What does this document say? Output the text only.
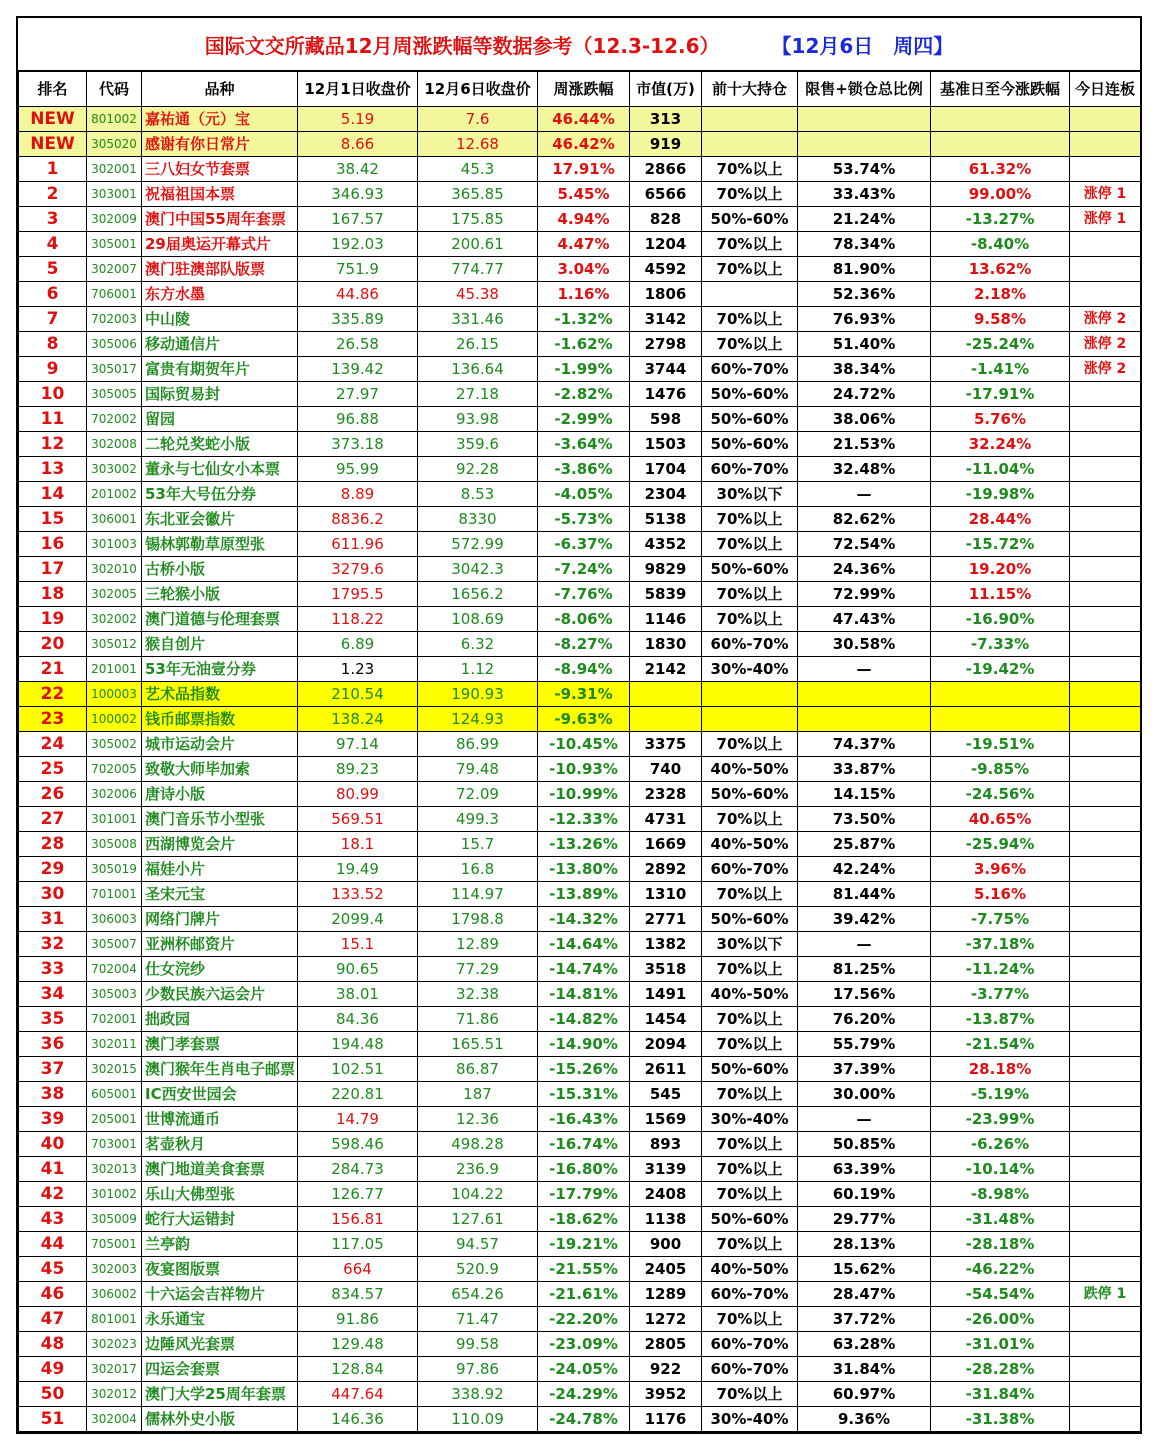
国际文交所藏品12月周涨跌幅等数据参考（12.3-12.6）	【12月6日　周四】
排名	代码	品种	12月1日收盘价	12月6日收盘价	周涨跌幅	市值(万)	前十大持仓	限售+锁仓总比例	基准日至今涨跌幅	今日连板
NEW	801002	嘉祐通（元）宝	5.19	7.6	46.44%	313				
NEW	305020	感谢有你日常片	8.66	12.68	46.42%	919				
1	302001	三八妇女节套票	38.42	45.3	17.91%	2866	70%以上	53.74%	61.32%	
2	303001	祝福祖国本票	346.93	365.85	5.45%	6566	70%以上	33.43%	99.00%	涨停 1
3	302009	澳门中国55周年套票	167.57	175.85	4.94%	828	50%-60%	21.24%	-13.27%	涨停 1
4	305001	29届奥运开幕式片	192.03	200.61	4.47%	1204	70%以上	78.34%	-8.40%	
5	302007	澳门驻澳部队版票	751.9	774.77	3.04%	4592	70%以上	81.90%	13.62%	
6	706001	东方水墨	44.86	45.38	1.16%	1806		52.36%	2.18%	
7	702003	中山陵	335.89	331.46	-1.32%	3142	70%以上	76.93%	9.58%	涨停 2
8	305006	移动通信片	26.58	26.15	-1.62%	2798	70%以上	51.40%	-25.24%	涨停 2
9	305017	富贵有期贺年片	139.42	136.64	-1.99%	3744	60%-70%	38.34%	-1.41%	涨停 2
10	305005	国际贸易封	27.97	27.18	-2.82%	1476	50%-60%	24.72%	-17.91%	
11	702002	留园	96.88	93.98	-2.99%	598	50%-60%	38.06%	5.76%	
12	302008	二轮兑奖蛇小版	373.18	359.6	-3.64%	1503	50%-60%	21.53%	32.24%	
13	303002	董永与七仙女小本票	95.99	92.28	-3.86%	1704	60%-70%	32.48%	-11.04%	
14	201002	53年大号伍分券	8.89	8.53	-4.05%	2304	30%以下	—	-19.98%	
15	306001	东北亚会徽片	8836.2	8330	-5.73%	5138	70%以上	82.62%	28.44%	
16	301003	锡林郭勒草原型张	611.96	572.99	-6.37%	4352	70%以上	72.54%	-15.72%	
17	302010	古桥小版	3279.6	3042.3	-7.24%	9829	50%-60%	24.36%	19.20%	
18	302005	三轮猴小版	1795.5	1656.2	-7.76%	5839	70%以上	72.99%	11.15%	
19	302002	澳门道德与伦理套票	118.22	108.69	-8.06%	1146	70%以上	47.43%	-16.90%	
20	305012	猴自创片	6.89	6.32	-8.27%	1830	60%-70%	30.58%	-7.33%	
21	201001	53年无油壹分券	1.23	1.12	-8.94%	2142	30%-40%	—	-19.42%	
22	100003	艺术品指数	210.54	190.93	-9.31%					
23	100002	钱币邮票指数	138.24	124.93	-9.63%					
24	305002	城市运动会片	97.14	86.99	-10.45%	3375	70%以上	74.37%	-19.51%	
25	702005	致敬大师毕加索	89.23	79.48	-10.93%	740	40%-50%	33.87%	-9.85%	
26	302006	唐诗小版	80.99	72.09	-10.99%	2328	50%-60%	14.15%	-24.56%	
27	301001	澳门音乐节小型张	569.51	499.3	-12.33%	4731	70%以上	73.50%	40.65%	
28	305008	西湖博览会片	18.1	15.7	-13.26%	1669	40%-50%	25.87%	-25.94%	
29	305019	福娃小片	19.49	16.8	-13.80%	2892	60%-70%	42.24%	3.96%	
30	701001	圣宋元宝	133.52	114.97	-13.89%	1310	70%以上	81.44%	5.16%	
31	306003	网络门牌片	2099.4	1798.8	-14.32%	2771	50%-60%	39.42%	-7.75%	
32	305007	亚洲杯邮资片	15.1	12.89	-14.64%	1382	30%以下	—	-37.18%	
33	702004	仕女浣纱	90.65	77.29	-14.74%	3518	70%以上	81.25%	-11.24%	
34	305003	少数民族六运会片	38.01	32.38	-14.81%	1491	40%-50%	17.56%	-3.77%	
35	702001	拙政园	84.36	71.86	-14.82%	1454	70%以上	76.20%	-13.87%	
36	302011	澳门孝套票	194.48	165.51	-14.90%	2094	70%以上	55.79%	-21.54%	
37	302015	澳门猴年生肖电子邮票	102.51	86.87	-15.26%	2611	50%-60%	37.39%	28.18%	
38	605001	IC西安世园会	220.81	187	-15.31%	545	70%以上	30.00%	-5.19%	
39	205001	世博流通币	14.79	12.36	-16.43%	1569	30%-40%	—	-23.99%	
40	703001	茗壶秋月	598.46	498.28	-16.74%	893	70%以上	50.85%	-6.26%	
41	302013	澳门地道美食套票	284.73	236.9	-16.80%	3139	70%以上	63.39%	-10.14%	
42	301002	乐山大佛型张	126.77	104.22	-17.79%	2408	70%以上	60.19%	-8.98%	
43	305009	蛇行大运错封	156.81	127.61	-18.62%	1138	50%-60%	29.77%	-31.48%	
44	705001	兰亭韵	117.05	94.57	-19.21%	900	70%以上	28.13%	-28.18%	
45	302003	夜宴图版票	664	520.9	-21.55%	2405	40%-50%	15.62%	-46.22%	
46	306002	十六运会吉祥物片	834.57	654.26	-21.61%	1289	60%-70%	28.47%	-54.54%	跌停 1
47	801001	永乐通宝	91.86	71.47	-22.20%	1272	70%以上	37.72%	-26.00%	
48	302023	边陲风光套票	129.48	99.58	-23.09%	2805	60%-70%	63.28%	-31.01%	
49	302017	四运会套票	128.84	97.86	-24.05%	922	60%-70%	31.84%	-28.28%	
50	302012	澳门大学25周年套票	447.64	338.92	-24.29%	3952	70%以上	60.97%	-31.84%	
51	302004	儒林外史小版	146.36	110.09	-24.78%	1176	30%-40%	9.36%	-31.38%	
